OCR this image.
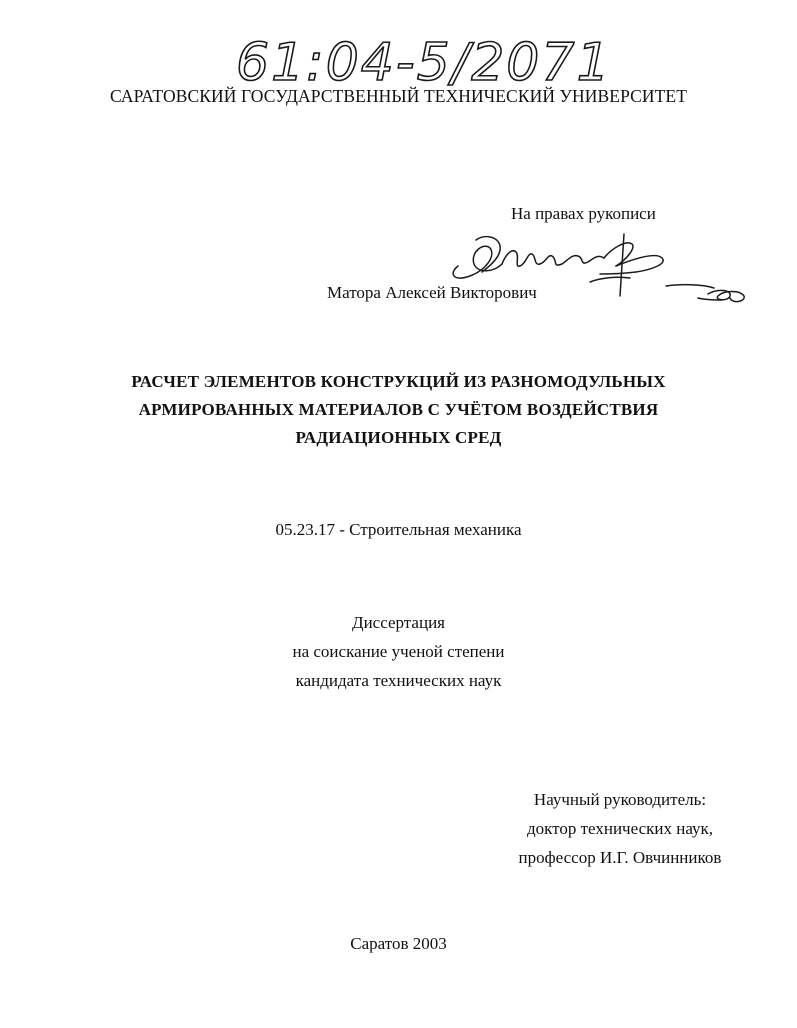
61:04-5/2071
САРАТОВСКИЙ ГОСУДАРСТВЕННЫЙ ТЕХНИЧЕСКИЙ УНИВЕРСИТЕТ
На правах рукописи
Матора Алексей Викторович
РАСЧЕТ ЭЛЕМЕНТОВ КОНСТРУКЦИЙ ИЗ РАЗНОМОДУЛЬНЫХ
АРМИРОВАННЫХ МАТЕРИАЛОВ С УЧЁТОМ ВОЗДЕЙСТВИЯ
РАДИАЦИОННЫХ СРЕД
05.23.17 - Строительная механика
Диссертация
на соискание ученой степени
кандидата технических наук
Научный руководитель:
доктор технических наук,
профессор И.Г. Овчинников
Саратов 2003
